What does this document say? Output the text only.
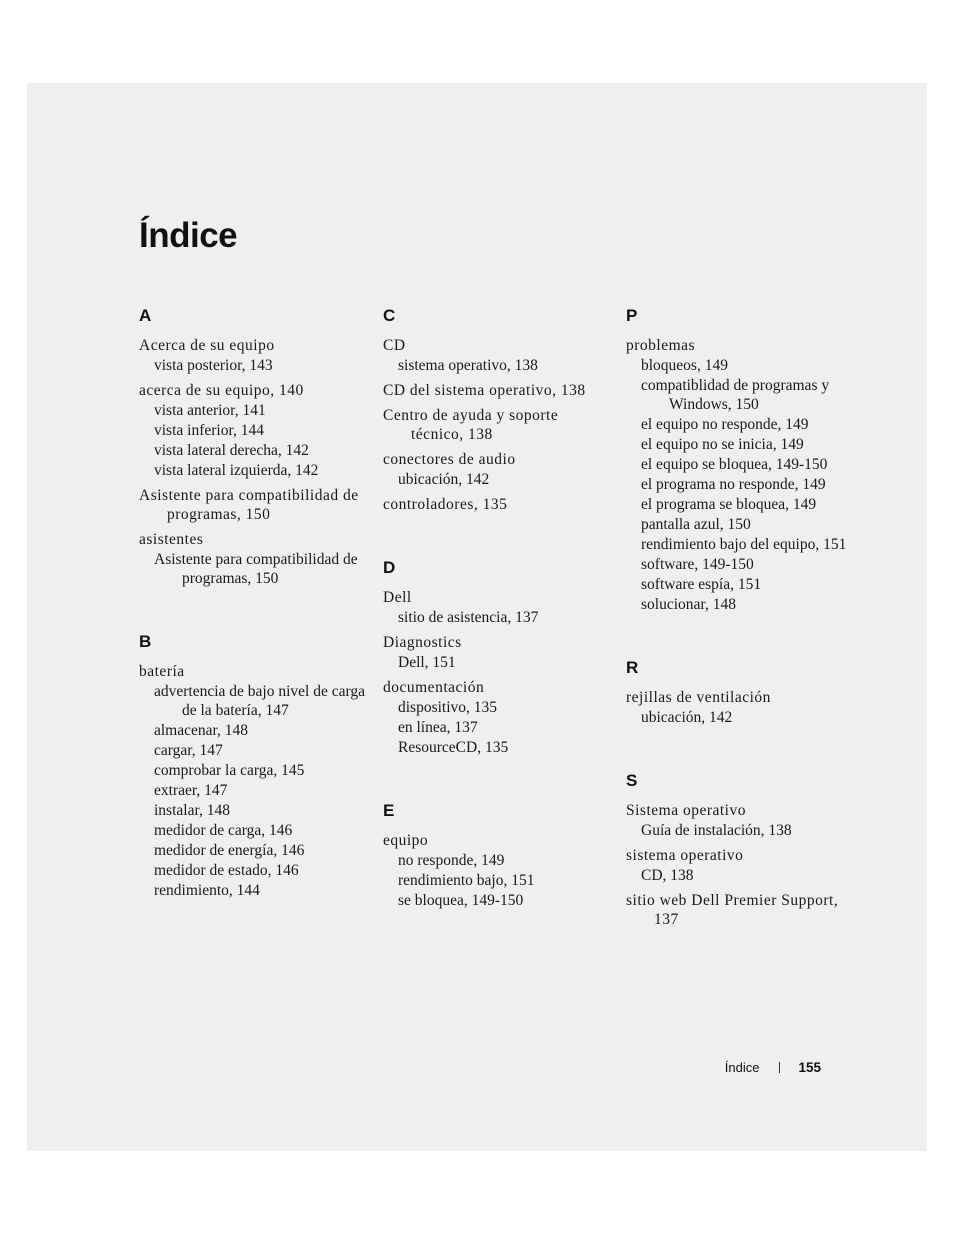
Índice
A
Acerca de su equipo
vista posterior, 143
acerca de su equipo, 140
vista anterior, 141
vista inferior, 144
vista lateral derecha, 142
vista lateral izquierda, 142
Asistente para compatibilidad de programas, 150
asistentes
Asistente para compatibilidad de programas, 150
B
batería
advertencia de bajo nivel de carga de la batería, 147
almacenar, 148
cargar, 147
comprobar la carga, 145
extraer, 147
instalar, 148
medidor de carga, 146
medidor de energía, 146
medidor de estado, 146
rendimiento, 144
C
CD
sistema operativo, 138
CD del sistema operativo, 138
Centro de ayuda y soporte técnico, 138
conectores de audio
ubicación, 142
controladores, 135
D
Dell
sitio de asistencia, 137
Diagnostics
Dell, 151
documentación
dispositivo, 135
en línea, 137
ResourceCD, 135
E
equipo
no responde, 149
rendimiento bajo, 151
se bloquea, 149-150
P
problemas
bloqueos, 149
compatiblidad de programas y Windows, 150
el equipo no responde, 149
el equipo no se inicia, 149
el equipo se bloquea, 149-150
el programa no responde, 149
el programa se bloquea, 149
pantalla azul, 150
rendimiento bajo del equipo, 151
software, 149-150
software espía, 151
solucionar, 148
R
rejillas de ventilación
ubicación, 142
S
Sistema operativo
Guía de instalación, 138
sistema operativo
CD, 138
sitio web Dell Premier Support, 137
Índice	155
